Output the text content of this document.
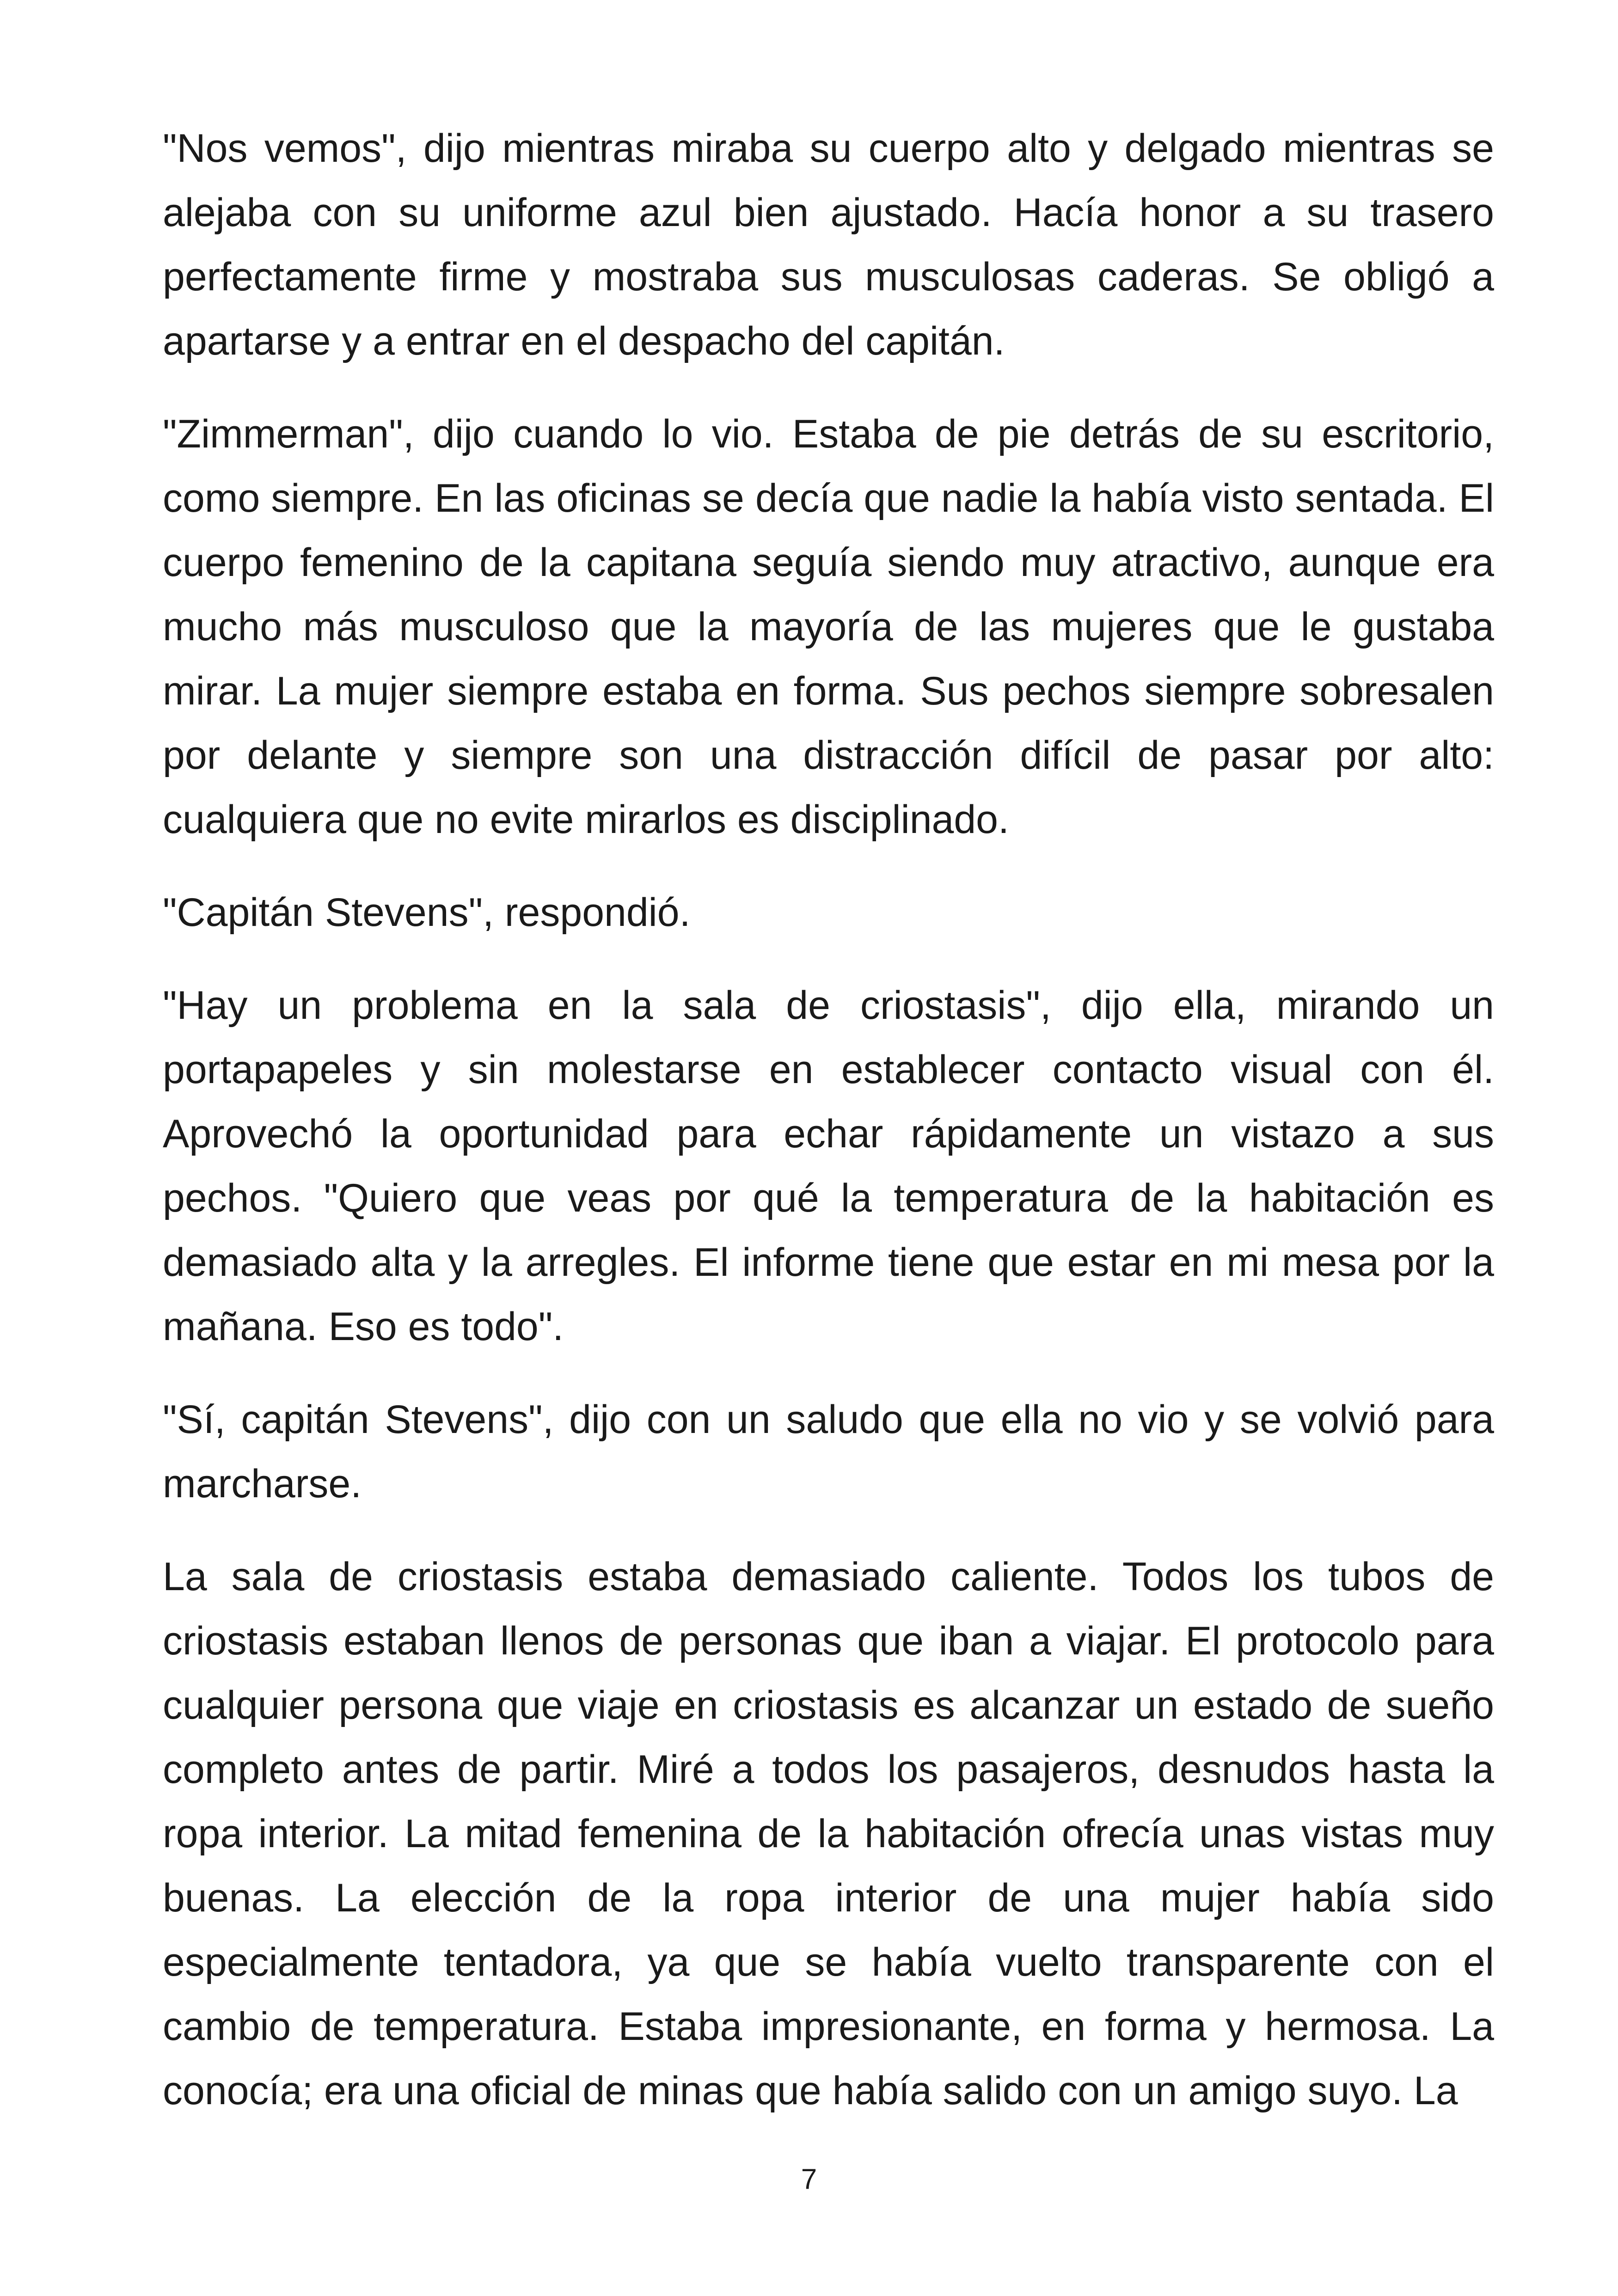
"Nos vemos", dijo mientras miraba su cuerpo alto y delgado mientras se alejaba con su uniforme azul bien ajustado. Hacía honor a su trasero perfectamente firme y mostraba sus musculosas caderas. Se obligó a apartarse y a entrar en el despacho del capitán.

"Zimmerman", dijo cuando lo vio. Estaba de pie detrás de su escritorio, como siempre. En las oficinas se decía que nadie la había visto sentada. El cuerpo femenino de la capitana seguía siendo muy atractivo, aunque era mucho más musculoso que la mayoría de las mujeres que le gustaba mirar. La mujer siempre estaba en forma. Sus pechos siempre sobresalen por delante y siempre son una distracción difícil de pasar por alto: cualquiera que no evite mirarlos es disciplinado.

"Capitán Stevens", respondió.

"Hay un problema en la sala de criostasis", dijo ella, mirando un portapapeles y sin molestarse en establecer contacto visual con él. Aprovechó la oportunidad para echar rápidamente un vistazo a sus pechos. "Quiero que veas por qué la temperatura de la habitación es demasiado alta y la arregles. El informe tiene que estar en mi mesa por la mañana. Eso es todo".

"Sí, capitán Stevens", dijo con un saludo que ella no vio y se volvió para marcharse.

La sala de criostasis estaba demasiado caliente. Todos los tubos de criostasis estaban llenos de personas que iban a viajar. El protocolo para cualquier persona que viaje en criostasis es alcanzar un estado de sueño completo antes de partir. Miré a todos los pasajeros, desnudos hasta la ropa interior. La mitad femenina de la habitación ofrecía unas vistas muy buenas. La elección de la ropa interior de una mujer había sido especialmente tentadora, ya que se había vuelto transparente con el cambio de temperatura. Estaba impresionante, en forma y hermosa. La conocía; era una oficial de minas que había salido con un amigo suyo. La

7
